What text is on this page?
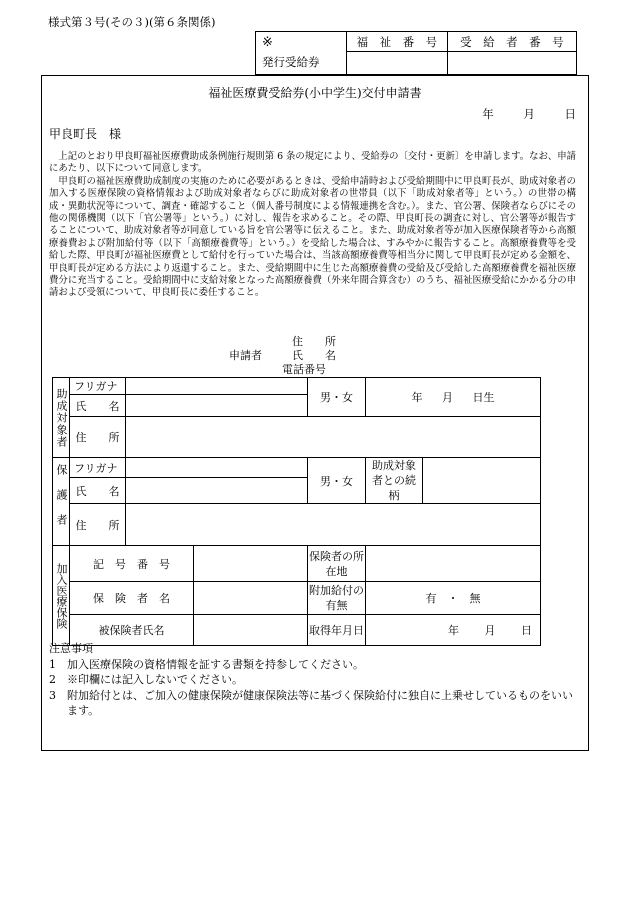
様式第３号(その３)(第６条関係)
※
発行受給券	福　祉　番　号	受　給　者　番　号

福祉医療費受給券(小中学生)交付申請書
年	月	日
甲良町長　様

上記のとおり甲良町福祉医療費助成条例施行規則第 6 条の規定により、受給券の〔交付・更新〕を申請します。なお、申請にあたり、以下について同意します。

甲良町の福祉医療費助成制度の実施のために必要があるときは、受給申請時および受給期間中に甲良町長が、助成対象者の加入する医療保険の資格情報および助成対象者ならびに助成対象者の世帯員（以下「助成対象者等」という。）の世帯の構成・異動状況等について、調査・確認すること（個人番号制度による情報連携を含む。）。また、官公署、保険者ならびにその他の関係機関（以下「官公署等」という。）に対し、報告を求めること。その際、甲良町長の調査に対し、官公署等が報告することについて、助成対象者等が同意している旨を官公署等に伝えること。また、助成対象者等が加入医療保険者等から高額療養費および附加給付等（以下「高額療養費等」という。）を受給した場合は、すみやかに報告すること。高額療養費等を受給した際、甲良町が福祉医療費として給付を行っていた場合は、当該高額療養費等相当分に関して甲良町長が定める金額を、甲良町長が定める方法により返還すること。また、受給期間中に生じた高額療養費の受給及び受給した高額療養費を福祉医療費分に充当すること。受給期間中に支給対象となった高額療養費（外来年間合算含む）のうち、福祉医療受給にかかる分の申請および受領について、甲良町長に委任すること。

申請者
住　　所
氏　　名
電話番号
助成対象者	フリガナ			男・女	年 月 日生	
	氏　　名					
	住　　所					
保護者	フリガナ			男・女	助成対象者との続柄	
	氏　　名					
	住　　所					
加入医療保険	記　号　番　号			保険者の所在地		
	保　険　者　名			附加給付の有無	有　・　無	
	被保険者氏名			取得年月日	年 月 日	
注意事項
1　加入医療保険の資格情報を証する書類を持参してください。
2　※印欄には記入しないでください。
3　附加給付とは、ご加入の健康保険が健康保険法等に基づく保険給付に独自に上乗せしているものをいいます。
